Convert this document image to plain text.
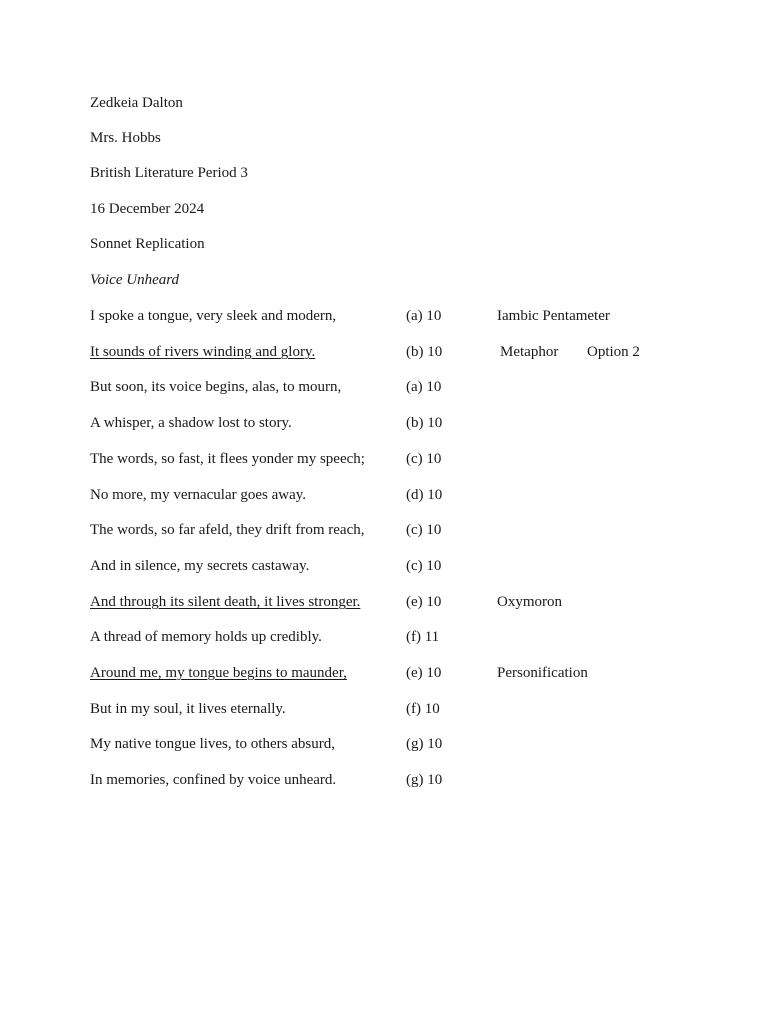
Zedkeia Dalton
Mrs. Hobbs
British Literature Period 3
16 December 2024
Sonnet Replication
Voice Unheard
I spoke a tongue, very sleek and modern,	(a) 10	Iambic Pentameter
It sounds of rivers winding and glory.	(b) 10	Metaphor Option 2
But soon, its voice begins, alas, to mourn,	(a) 10
A whisper, a shadow lost to story.	(b) 10
The words, so fast, it flees yonder my speech;	(c) 10
No more, my vernacular goes away.	(d) 10
The words, so far afeld, they drift from reach,	(c) 10
And in silence, my secrets castaway.	(c) 10
And through its silent death, it lives stronger.	(e) 10	Oxymoron
A thread of memory holds up credibly.	(f) 11
Around me, my tongue begins to maunder,	(e) 10	Personification
But in my soul, it lives eternally.	(f) 10
My native tongue lives, to others absurd,	(g) 10
In memories, confined by voice unheard.	(g) 10
